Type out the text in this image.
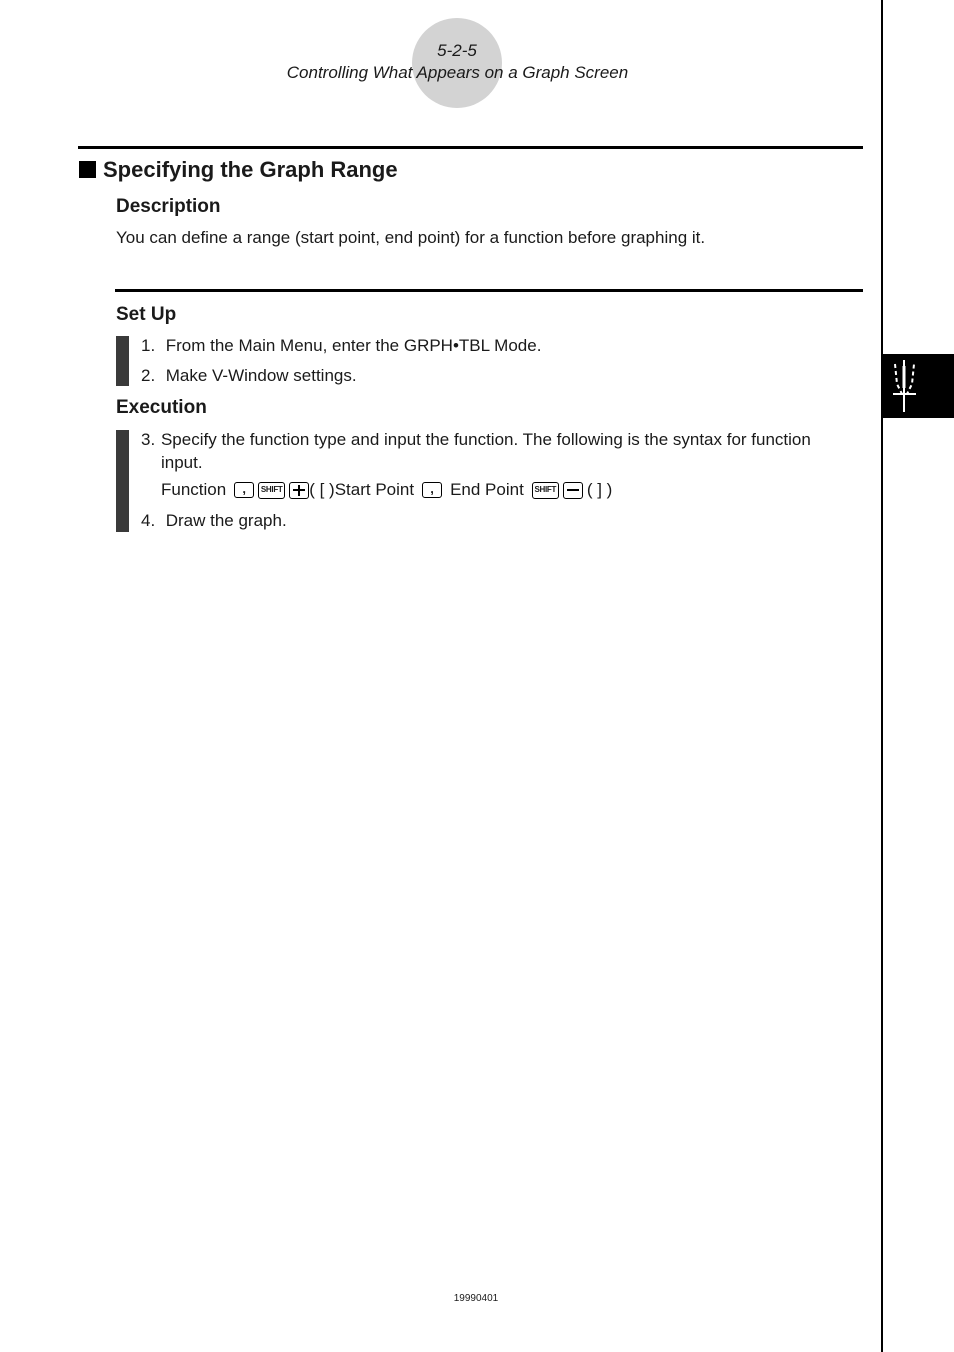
5-2-5
Controlling What Appears on a Graph Screen
Specifying the Graph Range
Description
You can define a range (start point, end point) for a function before graphing it.
Set Up
1. From the Main Menu, enter the GRPH•TBL Mode.
2. Make V-Window settings.
Execution
3. Specify the function type and input the function. The following is the syntax for function input.
Function	,	SHIFT ( [ ) Start Point	, End Point	SHIFT ( ] )
4. Draw the graph.
19990401
